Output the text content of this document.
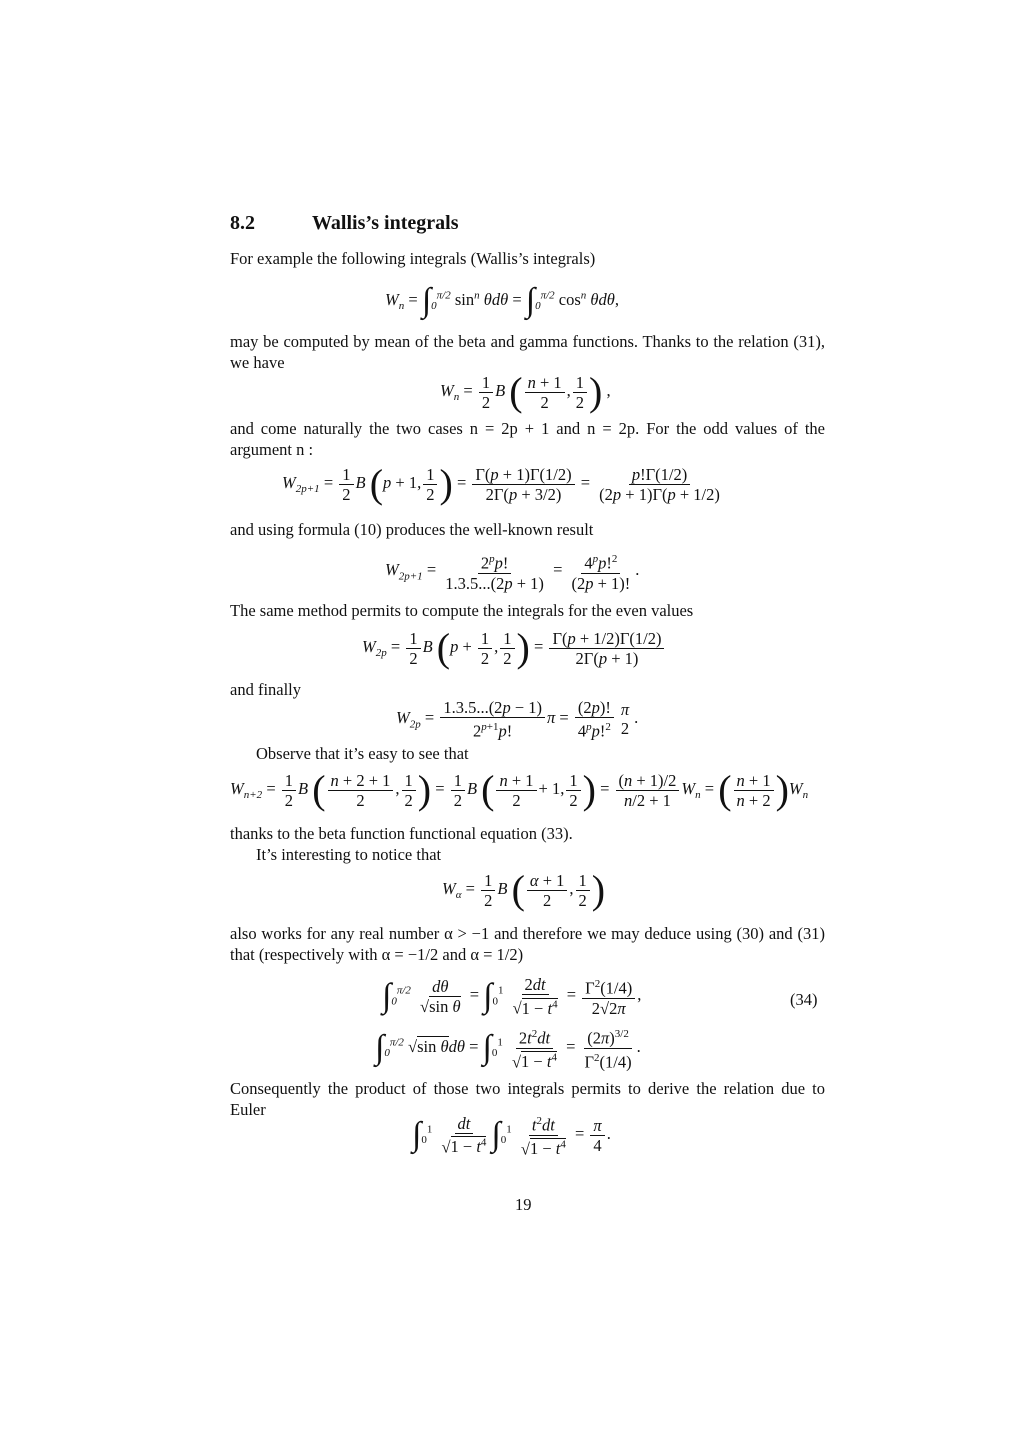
8.2	Wallis’s integrals
For example the following integrals (Wallis’s integrals)
$W_n = \int_0^{\pi/2}$ $\sin^n \theta d\theta = \int_0^{\pi/2}$ $\cos^n \theta d\theta$,
may be computed by mean of the beta and gamma functions. Thanks to the relation (31), we have
$W_n = \frac{1}{2}$ B ( $\frac{n + 1}{2}$ , $\frac{1}{2}$ ) ,
and come naturally the two cases n = 2p + 1 and n = 2p. For the odd values of the argument n :
$W_{2p+1} = \frac{1}{2}$ B (p + 1, $\frac{1}{2}$ ) = $\frac{\Gamma(p + 1)\Gamma(1/2)}{2\Gamma(p + 3/2)} = \frac{p!\Gamma(1/2)}{(2p + 1)\Gamma(p + 1/2)}$
and using formula (10) produces the well-known result
$W_{2p+1} = \frac{2^pp!}{1.3.5...(2p + 1)} = \frac{4^pp!^2}{(2p + 1)!}$ .
The same method permits to compute the integrals for the even values
$W_{2p} = \frac{1}{2}$ B ($p + \frac{1}{2}$ , $\frac{1}{2}$ ) = $\frac{\Gamma(p + 1/2)\Gamma(1/2)}{2\Gamma(p + 1)}$
and finally
$W_{2p} = \frac{1.3.5...(2p - 1)}{2^{p+1}p!}$ $\pi = \frac{(2p)!}{4^pp!^2}$ π
2
.
Observe that it’s easy to see that
$W_{n+2} = \frac{1}{2}$ B ( $\frac{n + 2 + 1}{2}$ , $\frac{1}{2}$ ) = $\frac{1}{2}$ B ( $\frac{n + 1}{2} + 1$, $\frac{1}{2}$ ) = $\frac{(n + 1)/2}{n/2 + 1} W_n$ = ( $\frac{n + 1}{n + 2} )W_n$
thanks to the beta function functional equation (33).
It’s interesting to notice that
$W_\alpha = \frac{1}{2}$ B ( $\frac{\alpha + 1}{2}$ , $\frac{1}{2}$ )
also works for any real number α > −1 and therefore we may deduce using (30) and (31) that (respectively with α = −1/2 and α = 1/2)
$\int_0^{\pi/2} \frac{d\theta}{\text{√sin θ}} = \int_0^1 \frac{2dt}{√1 - t^4} = \frac{\Gamma^2(1/4)}{2√2\pi}$ ,	(34)
$\int_0^{\pi/2}$ √sin $\theta d\theta = \int_0^1 \frac{2t^2dt}{√1 - t^4} = \frac{(2\pi)^{3/2}}{\Gamma^2(1/4)}$ .
Consequently the product of those two integrals permits to derive the relation due to Euler
$\int_0^1 \frac{dt}{√1 - t^4} \int_0^1 \frac{t^2dt}{√1 - t^4} = \frac{\pi}{4}$ .
19
